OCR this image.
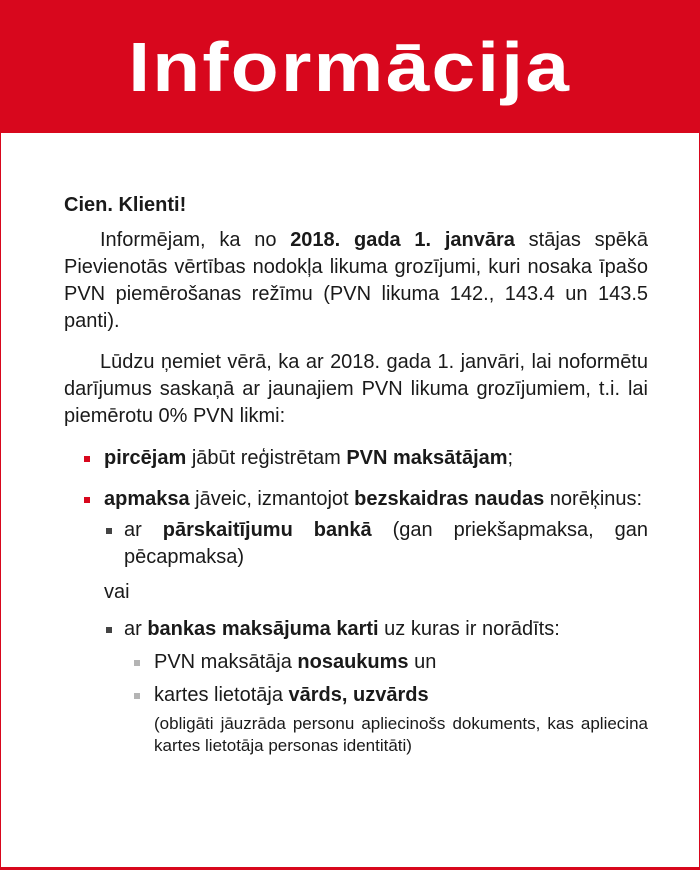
Informācija
Cien. Klienti!

Informējam, ka no 2018. gada 1. janvāra stājas spēkā Pievienotās vērtības nodokļa likuma grozījumi, kuri nosaka īpašo PVN piemērošanas režīmu (PVN likuma 142., 143.4 un 143.5 panti).

Lūdzu ņemiet vērā, ka ar 2018. gada 1. janvāri, lai noformētu darījumus saskaņā ar jaunajiem PVN likuma grozījumiem, t.i. lai piemērotu 0% PVN likmi:

pircējam jābūt reģistrētam PVN maksātājam;
apmaksa jāveic, izmantojot bezskaidras naudas norēķinus:
ar pārskaitījumu bankā (gan priekšapmaksa, gan pēcapmaksa)
vai
ar bankas maksājuma karti uz kuras ir norādīts:
PVN maksātāja nosaukums un
kartes lietotāja vārds, uzvārds
(obligāti jāuzrāda personu apliecinošs dokuments, kas apliecina kartes lietotāja personas identitāti)
